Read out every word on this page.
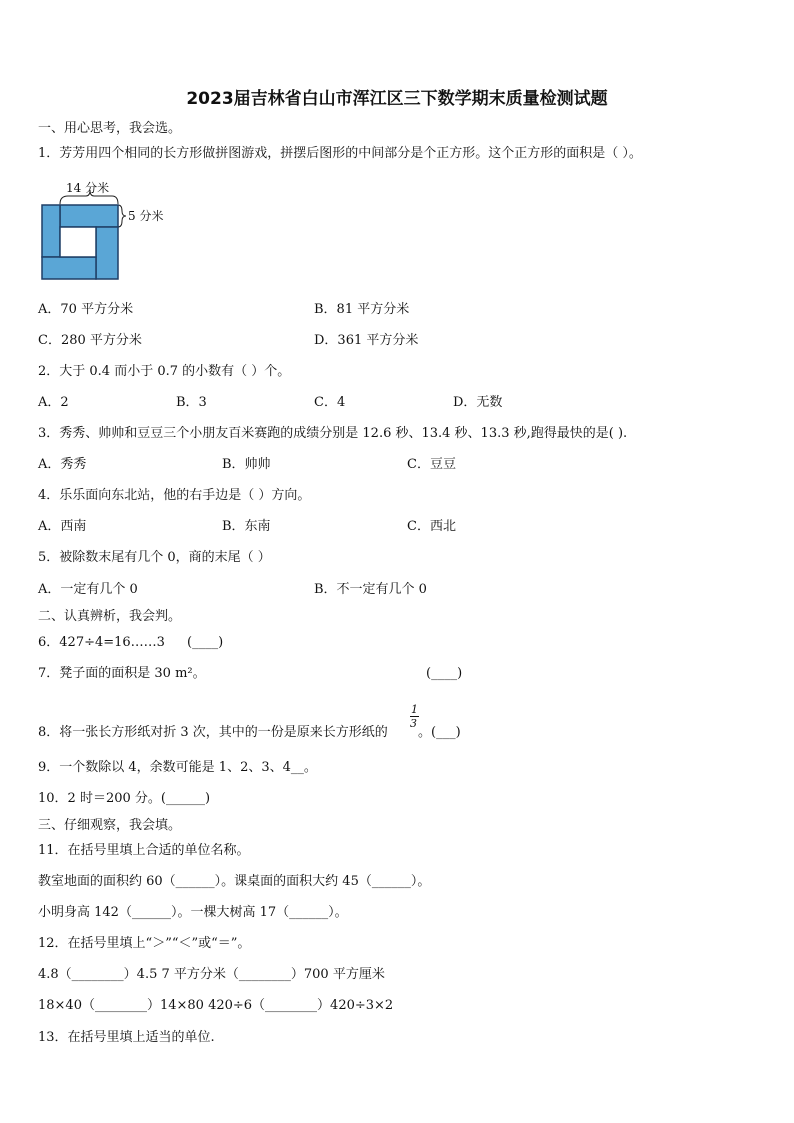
2023届吉林省白山市浑江区三下数学期末质量检测试题
一、用心思考，我会选。
1．芳芳用四个相同的长方形做拼图游戏，拼摆后图形的中间部分是个正方形。这个正方形的面积是（ ）。
14 分米
5 分米
A．70 平方分米	B．81 平方分米
C．280 平方分米	D．361 平方分米
2．大于 0.4 而小于 0.7 的小数有（ ）个。
A．2	B．3	C．4	D．无数
3．秀秀、帅帅和豆豆三个小朋友百米赛跑的成绩分别是 12.6 秒、13.4 秒、13.3 秒,跑得最快的是( ).
A．秀秀	B．帅帅	C．豆豆
4．乐乐面向东北站，他的右手边是（ ）方向。
A．西南	B．东南	C．西北
5．被除数末尾有几个 0，商的末尾（ ）
A．一定有几个 0	B．不一定有几个 0
二、认真辨析，我会判。
6．427÷4=16……3 (____)
7．凳子面的面积是 30 m²。	(____)
8．将一张长方形纸对折 3 次，其中的一份是原来长方形纸的
1
3
。(___)
9．一个数除以 4，余数可能是 1、2、3、4__。
10．2 时＝200 分。(______)
三、仔细观察，我会填。
11．在括号里填上合适的单位名称。
教室地面的面积约 60（______）。课桌面的面积大约 45（______）。
小明身高 142（______）。一棵大树高 17（______）。
12．在括号里填上“＞”“＜”或“＝”。
4.8（________）4.5 7 平方分米（________）700 平方厘米
18×40（________）14×80 420÷6（________）420÷3×2
13．在括号里填上适当的单位.
